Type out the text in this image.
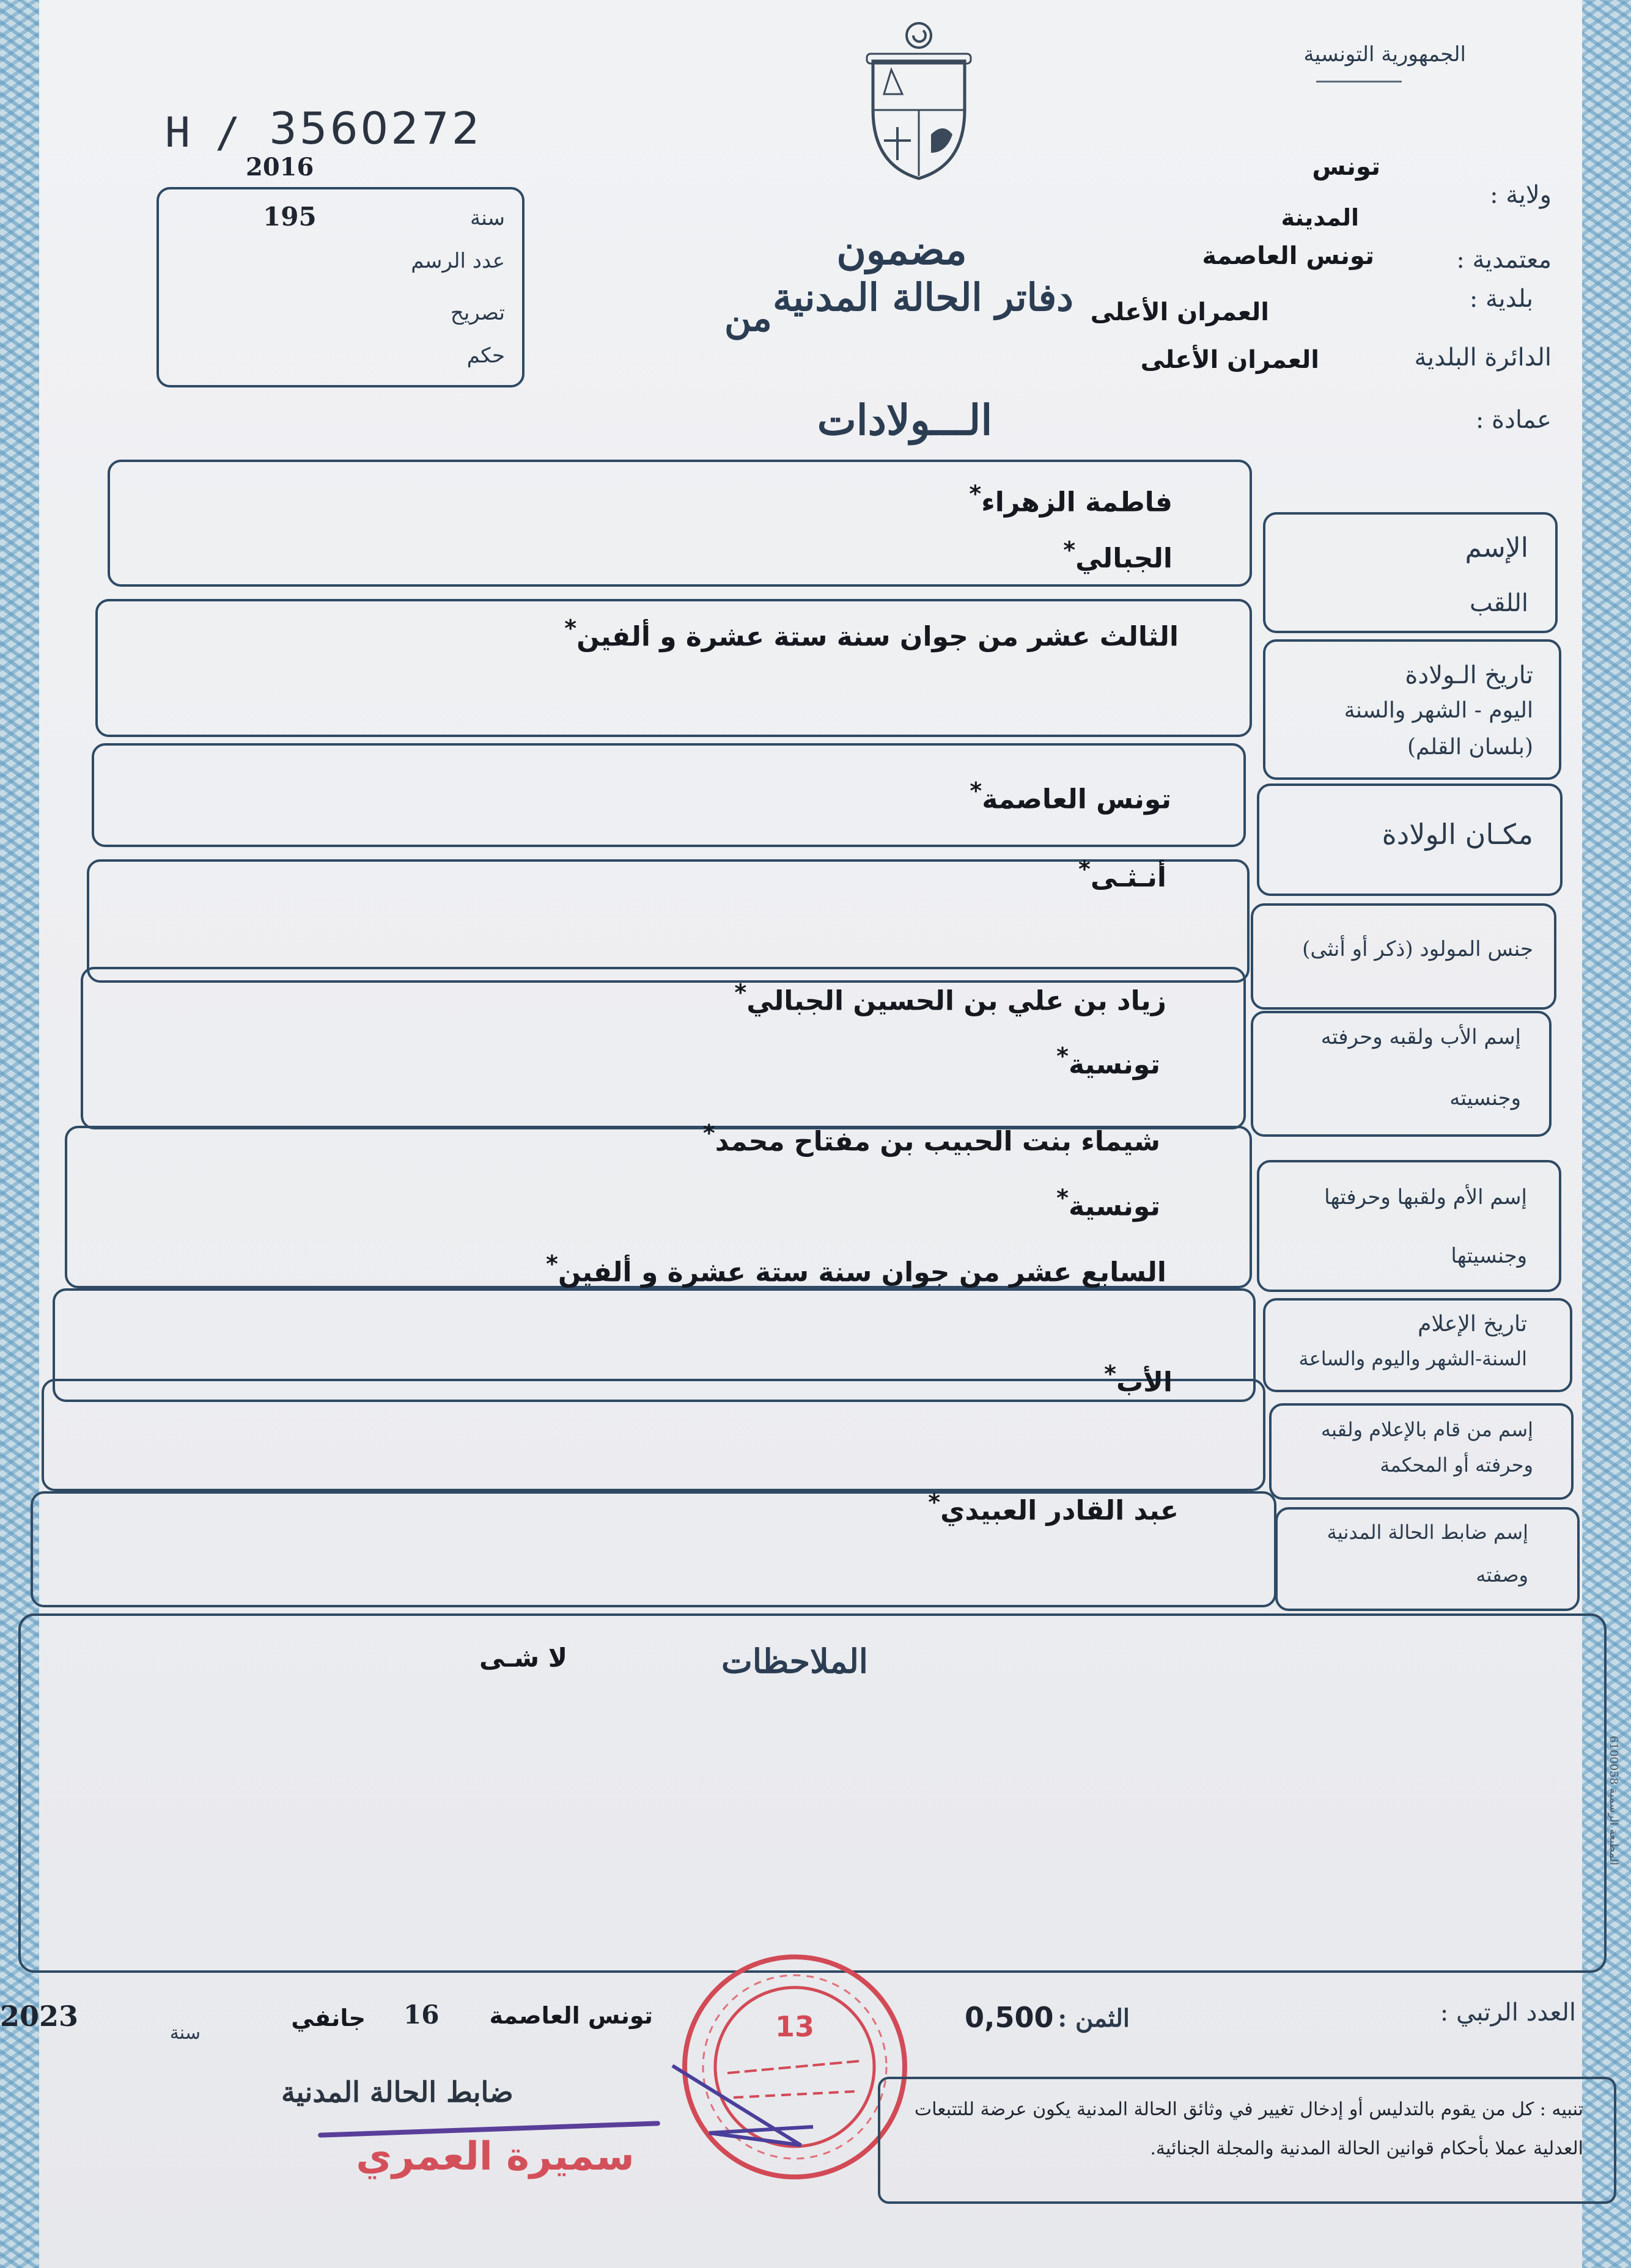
الجمهورية التونسية
H / 3560272
2016
195	سنة
عدد الرسم
تصريح
حكم
ولاية :
تونس
المدينة
معتمدية :
تونس العاصمة
بلدية :
العمران الأعلى
الدائرة البلدية
العمران الأعلى
عمادة :
مضمون
من دفاتر الحالة المدنية
الـــولادات
الإسم
اللقب
تاريخ الـولادة
اليوم - الشهر والسنة
(بلسان القلم)
مكـان الولادة
جنس المولود (ذكر أو أنثى)
إسم الأب ولقبه وحرفته
وجنسيته
إسم الأم ولقبها وحرفتها
وجنسيتها
تاريخ الإعلام
السنة-الشهر واليوم والساعة
إسم من قام بالإعلام ولقبه
وحرفته أو المحكمة
إسم ضابط الحالة المدنية
وصفته
فاطمة الزهراء*
الجبالي*
الثالث عشر من جوان سنة ستة عشرة و ألفين*
تونس العاصمة*
أنـثـى*
زياد بن علي بن الحسين الجبالي*
تونسية*
شيماء بنت الحبيب بن مفتاح محمد*
تونسية*
السابع عشر من جوان سنة ستة عشرة و ألفين*
الأب*
عبد القادر العبيدي*
الملاحظات
لا شـى
المطبعة الرسمية 6100058
العدد الرتبي :
الثمن :
0,500
تونس العاصمة
16
جانفي
سنة
2023
ضابط الحالة المدنية
سميرة العمري
13
تنبيه : كل من يقوم بالتدليس أو إدخال تغيير في وثائق الحالة المدنية يكون عرضة للتتبعات العدلية عملا بأحكام قوانين الحالة المدنية والمجلة الجنائية.
